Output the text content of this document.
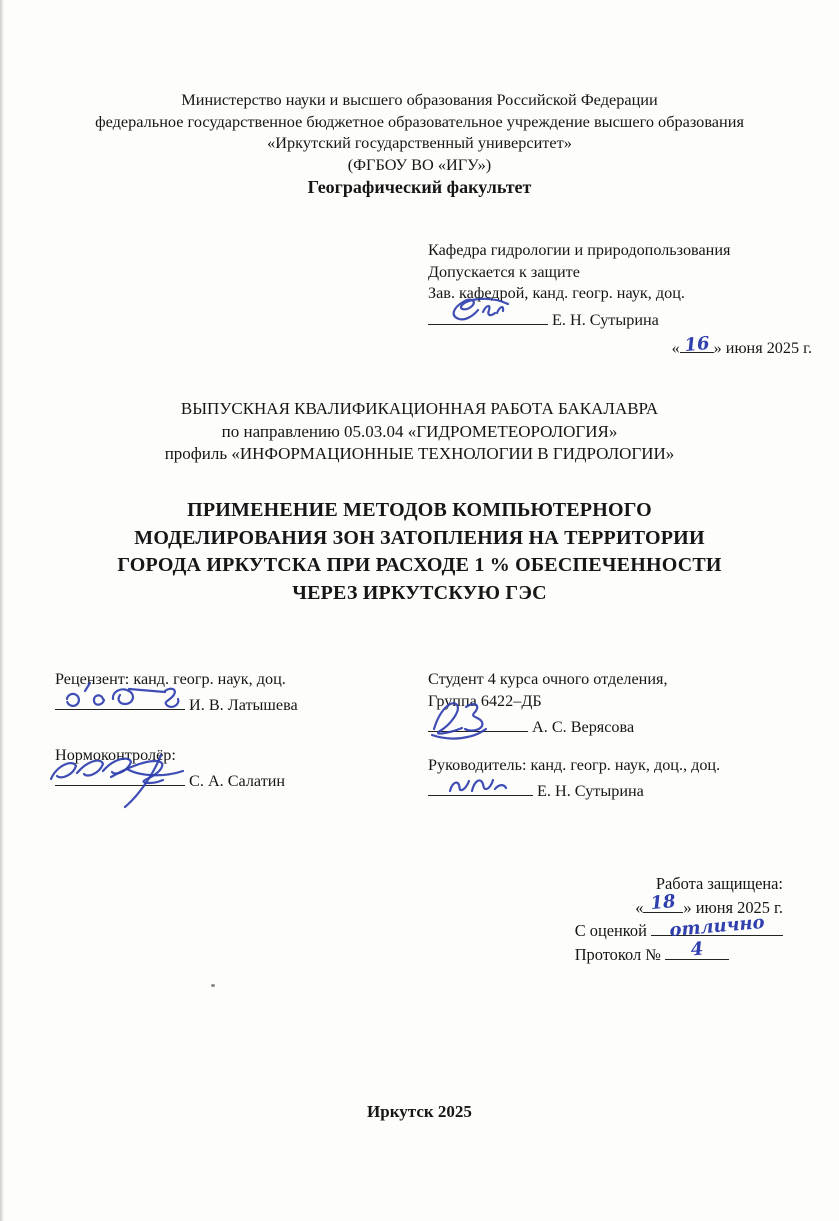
Министерство науки и высшего образования Российской Федерации
федеральное государственное бюджетное образовательное учреждение высшего образования
«Иркутский государственный университет»
(ФГБОУ ВО «ИГУ»)
Географический факультет
Кафедра гидрологии и природопользования
Допускается к защите
Зав. кафедрой, канд. геогр. наук, доц.
Е. Н. Сутырина
« 16 » июня 2025 г.
ВЫПУСКНАЯ КВАЛИФИКАЦИОННАЯ РАБОТА БАКАЛАВРА
по направлению 05.03.04 «ГИДРОМЕТЕОРОЛОГИЯ»
профиль «ИНФОРМАЦИОННЫЕ ТЕХНОЛОГИИ В ГИДРОЛОГИИ»
ПРИМЕНЕНИЕ МЕТОДОВ КОМПЬЮТЕРНОГО
МОДЕЛИРОВАНИЯ ЗОН ЗАТОПЛЕНИЯ НА ТЕРРИТОРИИ
ГОРОДА ИРКУТСКА ПРИ РАСХОДЕ 1 % ОБЕСПЕЧЕННОСТИ
ЧЕРЕЗ ИРКУТСКУЮ ГЭС
Рецензент: канд. геогр. наук, доц.
И. В. Латышева
Нормоконтролёр:
С. А. Салатин
Студент 4 курса очного отделения,
Группа 6422–ДБ
А. С. Верясова
Руководитель: канд. геогр. наук, доц., доц.
Е. Н. Сутырина
Работа защищена:
« 18 » июня 2025 г.
С оценкой отлично
Протокол № 4
Иркутск 2025
